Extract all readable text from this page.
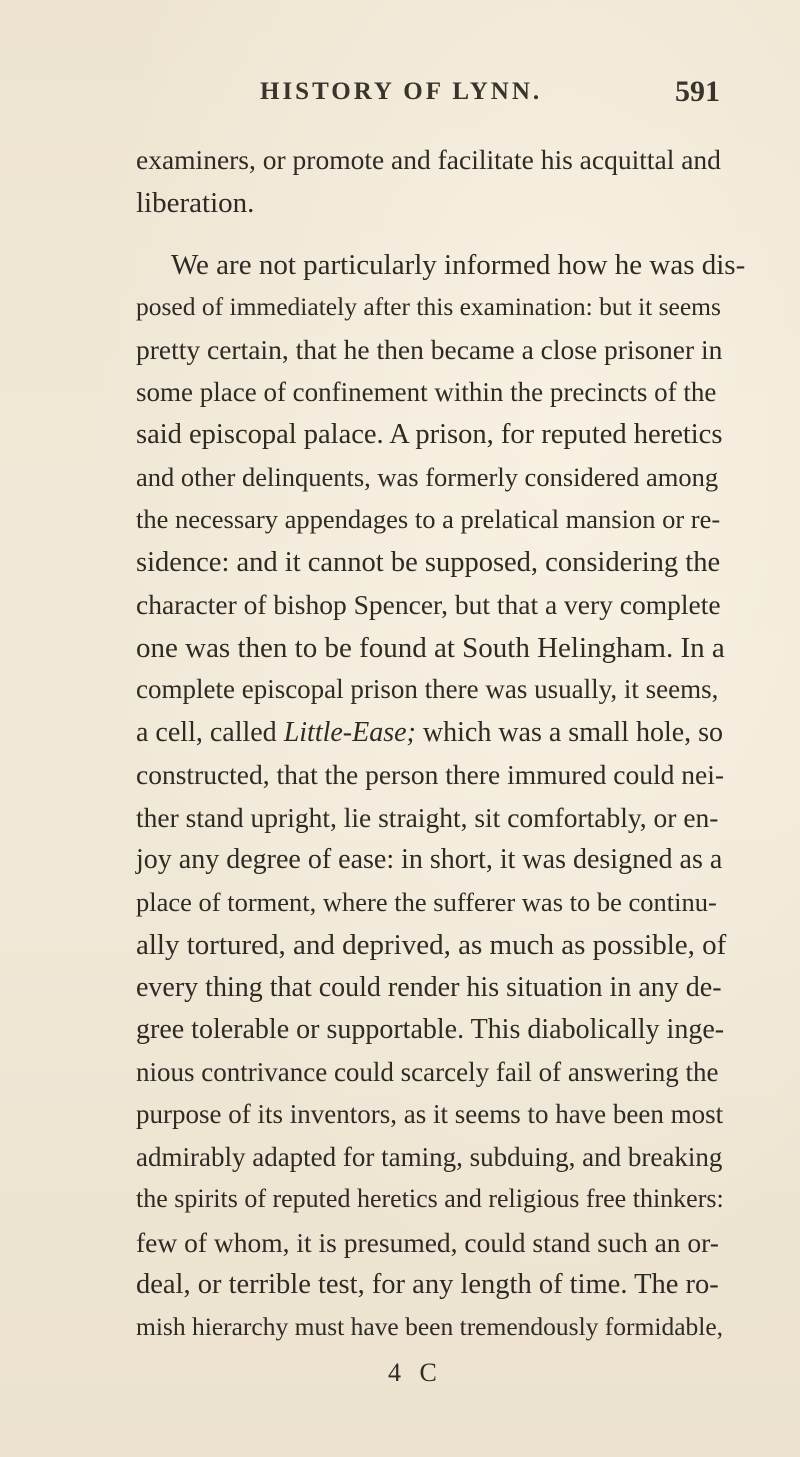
HISTORY OF LYNN.	591
examiners, or promote and facilitate his acquittal and
liberation.
We are not particularly informed how he was dis-
posed of immediately after this examination: but it seems
pretty certain, that he then became a close prisoner in
some place of confinement within the precincts of the
said episcopal palace. A prison, for reputed heretics
and other delinquents, was formerly considered among
the necessary appendages to a prelatical mansion or re-
sidence: and it cannot be supposed, considering the
character of bishop Spencer, but that a very complete
one was then to be found at South Helingham. In a
complete episcopal prison there was usually, it seems,
a cell, called Little-Ease; which was a small hole, so
constructed, that the person there immured could nei-
ther stand upright, lie straight, sit comfortably, or en-
joy any degree of ease: in short, it was designed as a
place of torment, where the sufferer was to be continu-
ally tortured, and deprived, as much as possible, of
every thing that could render his situation in any de-
gree tolerable or supportable. This diabolically inge-
nious contrivance could scarcely fail of answering the
purpose of its inventors, as it seems to have been most
admirably adapted for taming, subduing, and breaking
the spirits of reputed heretics and religious free thinkers:
few of whom, it is presumed, could stand such an or-
deal, or terrible test, for any length of time. The ro-
mish hierarchy must have been tremendously formidable,
4 C
